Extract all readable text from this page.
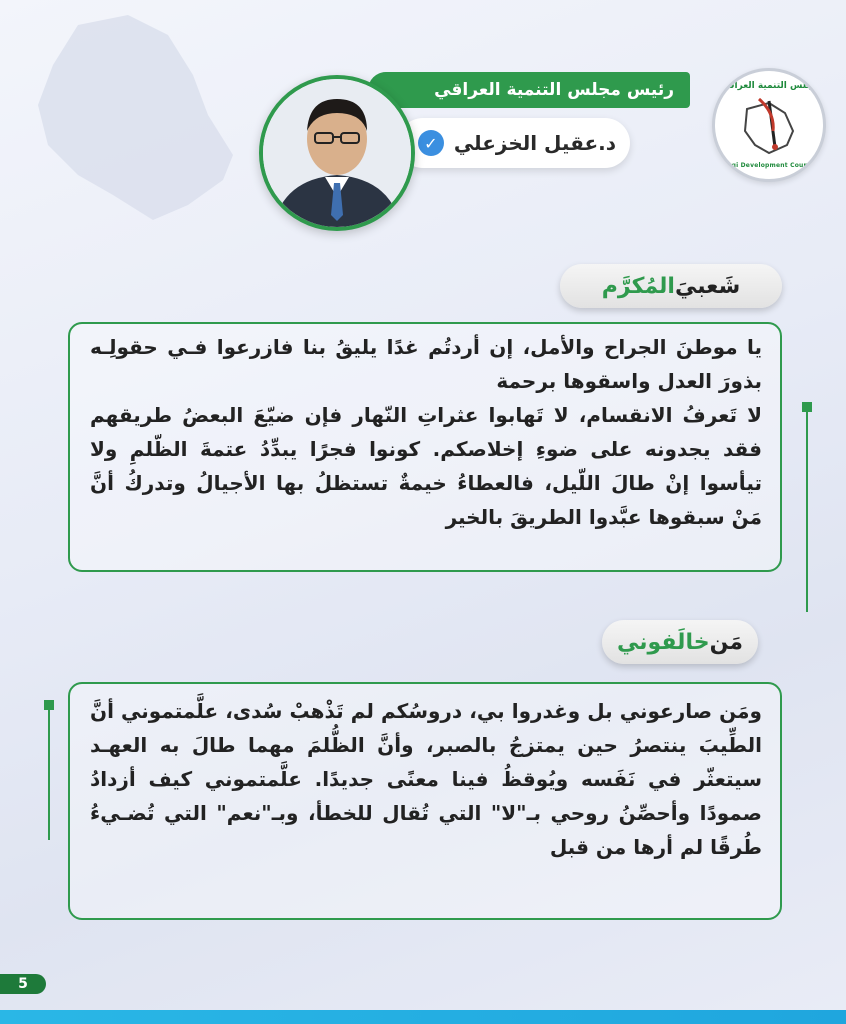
مجلس التنمية العراقي
Iraqi Development Council
رئيس مجلس التنمية العراقي
د.عقيل الخزعلي
✓
شَعبيَ
المُكرَّم

يا موطنَ الجراح والأمل، إن أردتُم غدًا يليقُ بنا فازرعوا فـي حقولِـه بذورَ العدل واسقوها برحمة

لا تَعرفُ الانقسام، لا تَهابوا عثراتِ النّهار فإن ضيّعَ البعضُ طريقهم فقد يجدونه على ضوءِ إخلاصكم. كونوا فجرًا يبدِّدُ عتمةَ الظّلمِ ولا تيأسوا إنْ طالَ اللّيل، فالعطاءُ خيمةٌ تستظلُ بها الأجيالُ وتدركُ أنَّ مَنْ سبقوها عبَّدوا الطريقَ بالخير

مَن
خالَفوني

ومَن صارعوني بل وغدروا بي، دروسُكم لم تَذْهبْ سُدى، علَّمتموني أنَّ الطِّيبَ ينتصرُ حين يمتزجُ بالصبر، وأنَّ الظُّلمَ مهما طالَ به العهـد سيتعثّر في نَفَسه ويُوقظُ فينا معنًى جديدًا. علَّمتموني كيف أزدادُ صمودًا وأحصِّنُ روحي بـ"لا" التي تُقال للخطأ، وبـ"نعم" التي تُضـيءُ طُرقًا لم أرها من قبل

5
